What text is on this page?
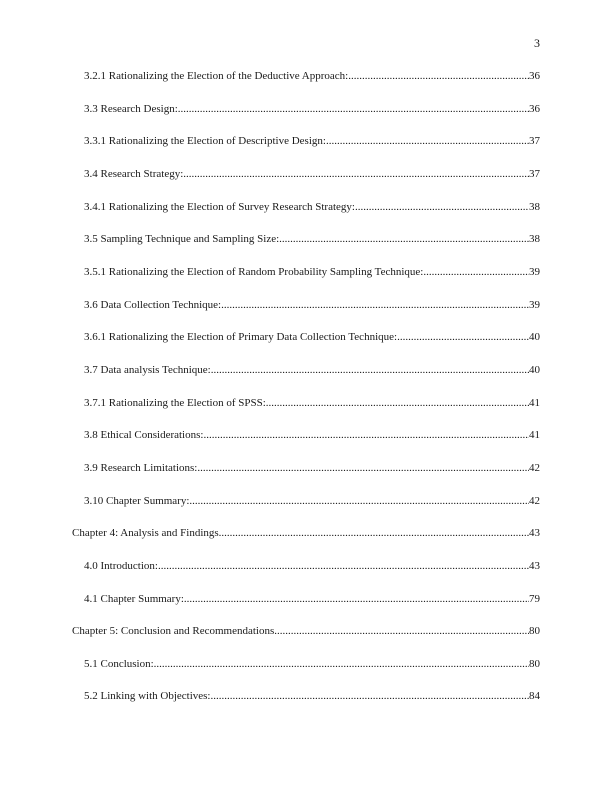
3
3.2.1 Rationalizing the Election of the Deductive Approach: .....	36
3.3 Research Design: .....	36
3.3.1 Rationalizing the Election of Descriptive Design: .....	37
3.4 Research Strategy: .....	37
3.4.1 Rationalizing the Election of Survey Research Strategy: .....	38
3.5 Sampling Technique and Sampling Size: .....	38
3.5.1 Rationalizing the Election of Random Probability Sampling Technique: .....	39
3.6 Data Collection Technique: .....	39
3.6.1 Rationalizing the Election of Primary Data Collection Technique: .....	40
3.7 Data analysis Technique: .....	40
3.7.1 Rationalizing the Election of SPSS: .....	41
3.8 Ethical Considerations: .....	41
3.9 Research Limitations: .....	42
3.10 Chapter Summary: .....	42
Chapter 4: Analysis and Findings .....	43
4.0 Introduction: .....	43
4.1 Chapter Summary: .....	79
Chapter 5: Conclusion and Recommendations .....	80
5.1 Conclusion: .....	80
5.2 Linking with Objectives: .....	84
